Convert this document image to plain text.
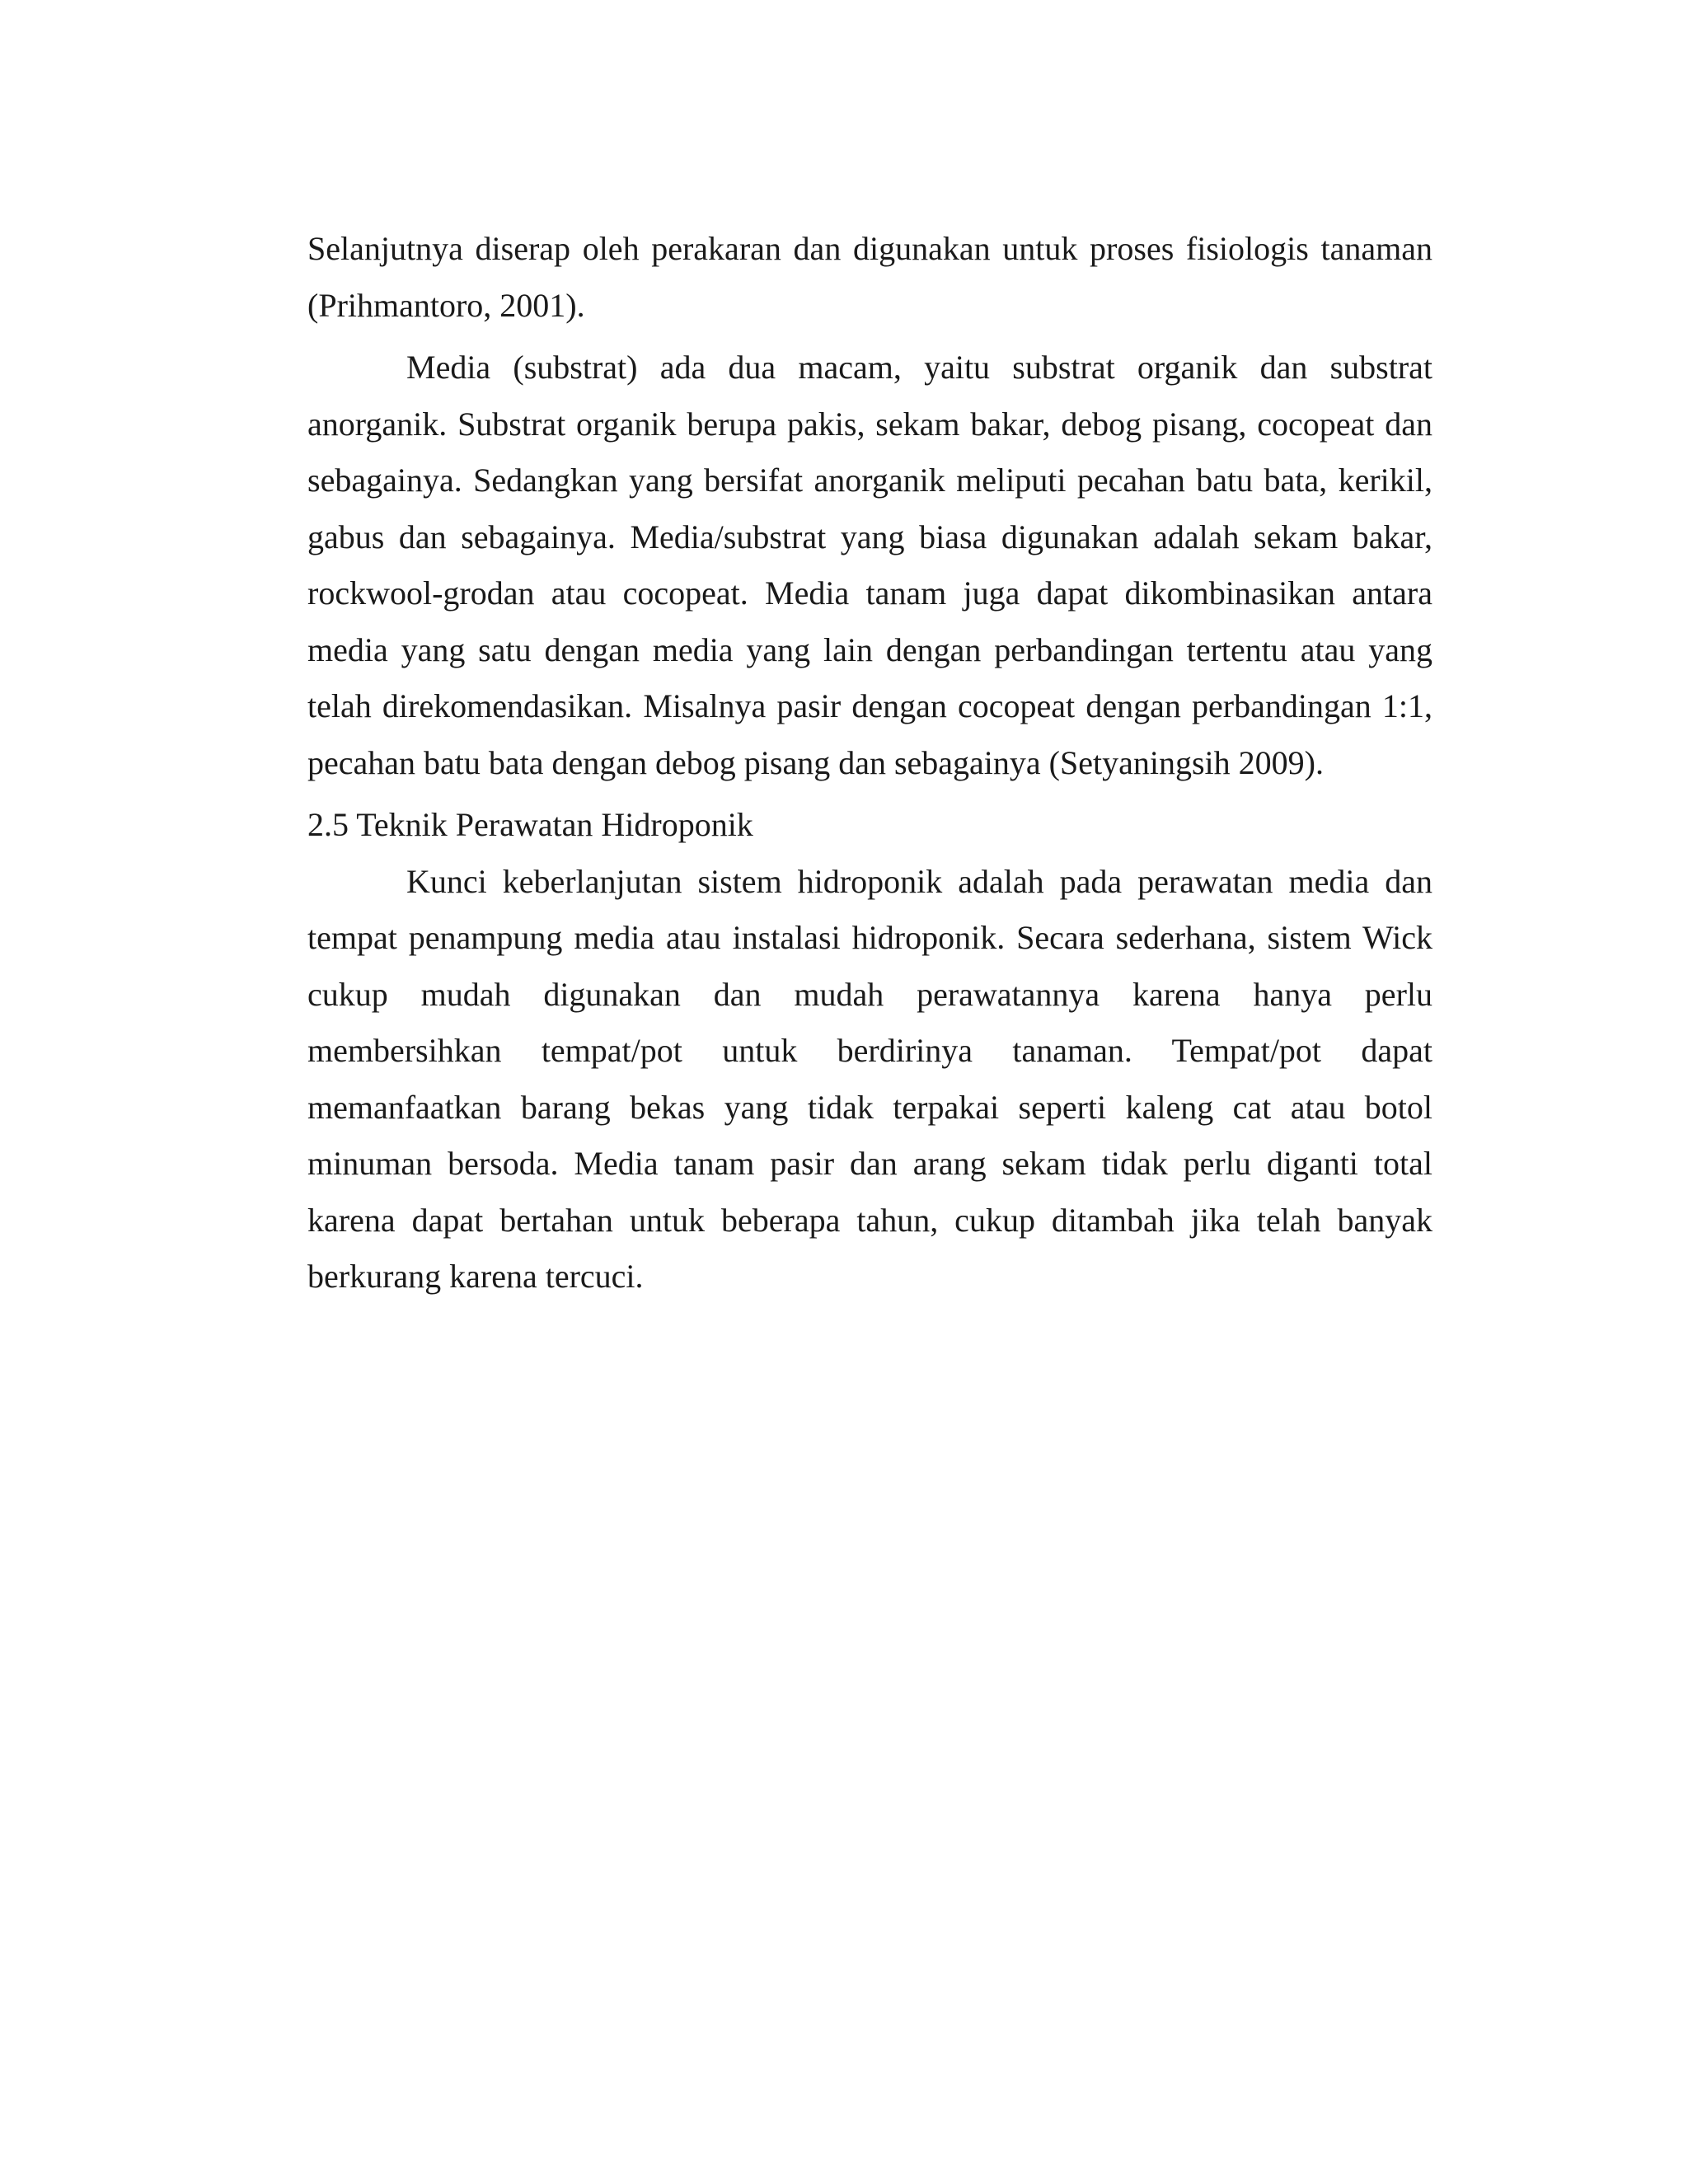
Selanjutnya diserap oleh perakaran dan digunakan untuk proses fisiologis tanaman (Prihmantoro, 2001).

Media (substrat) ada dua macam, yaitu substrat organik dan substrat anorganik. Substrat organik berupa pakis, sekam bakar, debog pisang, cocopeat dan sebagainya. Sedangkan yang bersifat anorganik meliputi pecahan batu bata, kerikil, gabus dan sebagainya. Media/substrat yang biasa digunakan adalah sekam bakar, rockwool-grodan atau cocopeat. Media tanam juga dapat dikombinasikan antara media yang satu dengan media yang lain dengan perbandingan tertentu atau yang telah direkomendasikan. Misalnya pasir dengan cocopeat dengan perbandingan 1:1, pecahan batu bata dengan debog pisang dan sebagainya (Setyaningsih 2009).

2.5 Teknik Perawatan Hidroponik

Kunci keberlanjutan sistem hidroponik adalah pada perawatan media dan tempat penampung media atau instalasi hidroponik. Secara sederhana, sistem Wick cukup mudah digunakan dan mudah perawatannya karena hanya perlu membersihkan tempat/pot untuk berdirinya tanaman. Tempat/pot dapat memanfaatkan barang bekas yang tidak terpakai seperti kaleng cat atau botol minuman bersoda. Media tanam pasir dan arang sekam tidak perlu diganti total karena dapat bertahan untuk beberapa tahun, cukup ditambah jika telah banyak berkurang karena tercuci.
